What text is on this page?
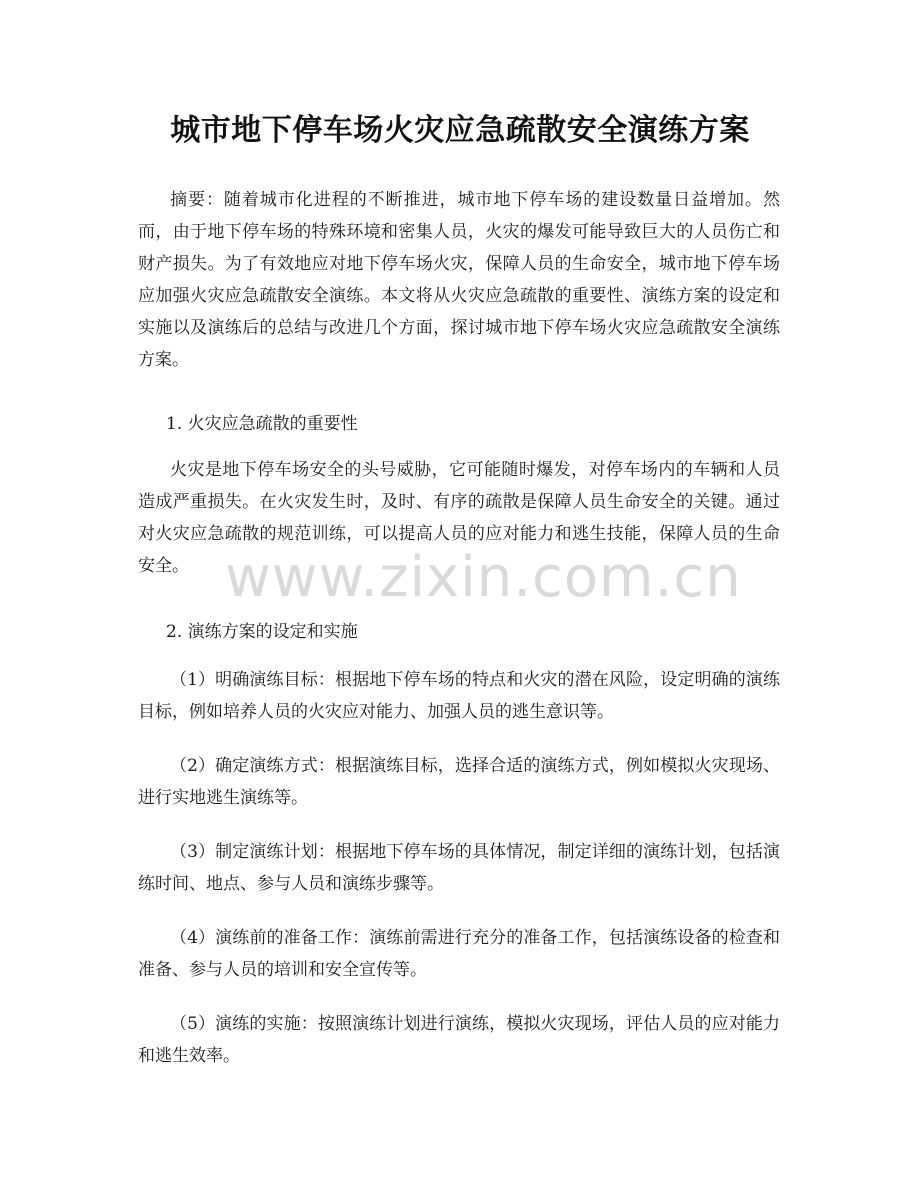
城市地下停车场火灾应急疏散安全演练方案

摘要：随着城市化进程的不断推进，城市地下停车场的建设数量日益增加。然而，由于地下停车场的特殊环境和密集人员，火灾的爆发可能导致巨大的人员伤亡和财产损失。为了有效地应对地下停车场火灾，保障人员的生命安全，城市地下停车场应加强火灾应急疏散安全演练。本文将从火灾应急疏散的重要性、演练方案的设定和实施以及演练后的总结与改进几个方面，探讨城市地下停车场火灾应急疏散安全演练方案。

1. 火灾应急疏散的重要性

火灾是地下停车场安全的头号威胁，它可能随时爆发，对停车场内的车辆和人员造成严重损失。在火灾发生时，及时、有序的疏散是保障人员生命安全的关键。通过对火灾应急疏散的规范训练，可以提高人员的应对能力和逃生技能，保障人员的生命安全。

2. 演练方案的设定和实施

（1）明确演练目标：根据地下停车场的特点和火灾的潜在风险，设定明确的演练目标，例如培养人员的火灾应对能力、加强人员的逃生意识等。

（2）确定演练方式：根据演练目标，选择合适的演练方式，例如模拟火灾现场、进行实地逃生演练等。

（3）制定演练计划：根据地下停车场的具体情况，制定详细的演练计划，包括演练时间、地点、参与人员和演练步骤等。

（4）演练前的准备工作：演练前需进行充分的准备工作，包括演练设备的检查和准备、参与人员的培训和安全宣传等。

（5）演练的实施：按照演练计划进行演练，模拟火灾现场，评估人员的应对能力和逃生效率。

www.zixin.com.cn
